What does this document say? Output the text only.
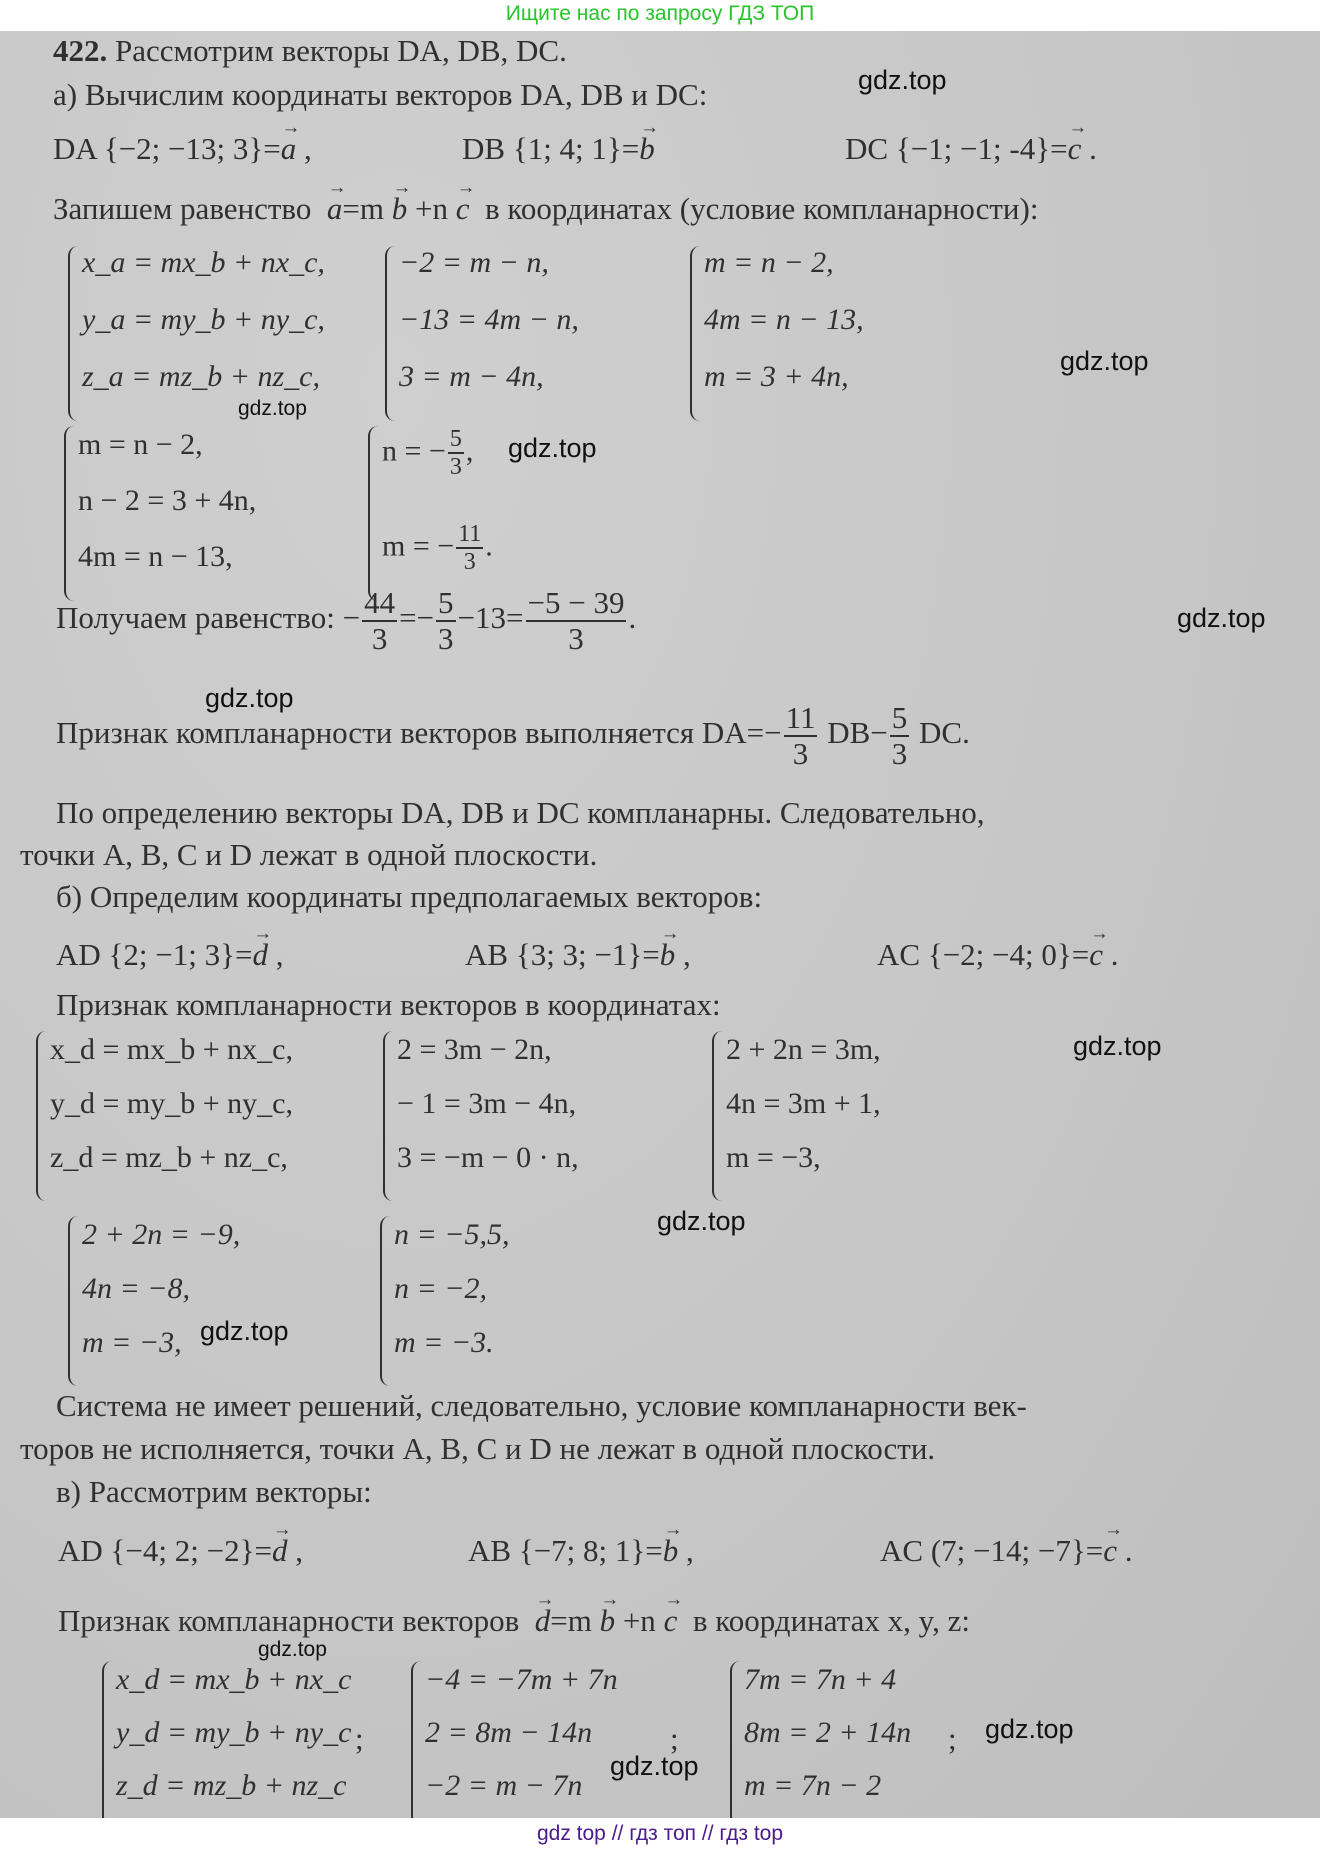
Ищите нас по запросу ГДЗ ТОП
422. Рассмотрим векторы DA, DB, DC.
а) Вычислим координаты векторов DA, DB и DC:	gdz.top
DA {−2; −13; 3}=→ a ,	DB {1; 4; 1}=→ b	DC {−1; −1; -4}=→ c .
Запишем равенство → a=m → b +n → c в координатах (условие компланарности):
x_a = mx_b + nx_c,
y_a = my_b + ny_c,
z_a = mz_b + nz_c,
−2 = m − n,
−13 = 4m − n,
3 = m − 4n,
m = n − 2,
4m = n − 13,
m = 3 + 4n,	gdz.top
gdz.top
m = n − 2,
n − 2 = 3 + 4n,
4m = n − 13,
n = − $\frac{5}{3}$ ,
m = − $\frac{11}{3}$ .
gdz.top
Получаем равенство: − $\frac{44}{3} =- \frac{5}{3} -13= \frac{-5 - 39}{3}$ .	gdz.top
gdz.top
Признак компланарности векторов выполняется $DA=- \frac{11}{3} DB- \frac{5}{3}$ DC.
По определению векторы DA, DB и DC компланарны. Следовательно,
точки A, B, C и D лежат в одной плоскости.
б) Определим координаты предполагаемых векторов:
AD {2; −1; 3}=→ d ,	AB {3; 3; −1}=→ b ,	AC {−2; −4; 0}=→ c .
Признак компланарности векторов в координатах:
x_d = mx_b + nx_c,
y_d = my_b + ny_c,
z_d = mz_b + nz_c,
2 = 3m − 2n,
− 1 = 3m − 4n,
3 = −m − 0 · n,
2 + 2n = 3m,
4n = 3m + 1,
m = −3,
gdz.top
2 + 2n = −9,
4n = −8,
m = −3, gdz.top
n = −5,5,
n = −2,
m = −3.
gdz.top
Система не имеет решений, следовательно, условие компланарности век-
торов не исполняется, точки A, B, C и D не лежат в одной плоскости.
в) Рассмотрим векторы:
AD {−4; 2; −2}=→ d ,	AB {−7; 8; 1}=→ b ,	AC (7; −14; −7}=→ c .
Признак компланарности векторов → d=m → b +n → c в координатах x, y, z:
gdz.top
x_d = mx_b + nx_c
y_d = my_b + ny_c
z_d = mz_b + nz_c
;
−4 = −7m + 7n
2 = 8m − 14n
−2 = m − 7n
;
gdz.top
7m = 7n + 4
8m = 2 + 14n
m = 7n − 2
; gdz.top
gdz top // гдз топ // гдз top
